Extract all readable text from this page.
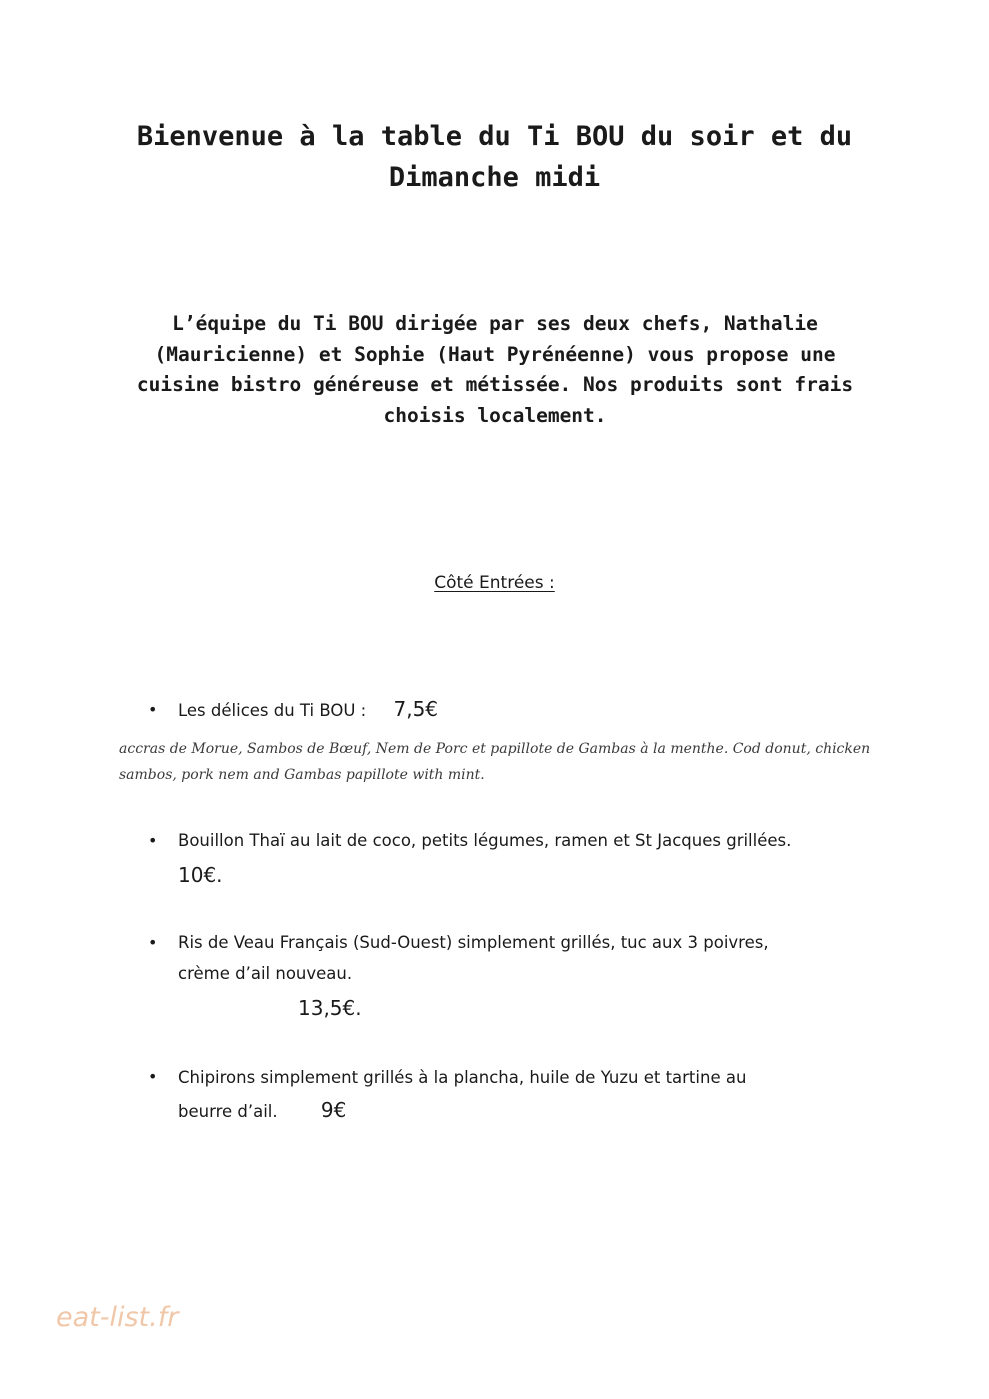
Bienvenue à la table du Ti BOU du soir et du
Dimanche midi

L’équipe du Ti BOU dirigée par ses deux chefs, Nathalie
(Mauricienne) et Sophie (Haut Pyrénéenne) vous propose une
cuisine bistro généreuse et métissée. Nos produits sont frais
choisis localement.

Côté Entrées :
• Les délices du Ti BOU : 7,5€
accras de Morue, Sambos de Bœuf, Nem de Porc et papillote de Gambas à la menthe. Cod donut, chicken
sambos, pork nem and Gambas papillote with mint.
• Bouillon Thaï au lait de coco, petits légumes, ramen et St Jacques grillées.
10€.
• Ris de Veau Français (Sud-Ouest) simplement grillés, tuc aux 3 poivres,
crème d’ail nouveau.
13,5€.
• Chipirons simplement grillés à la plancha, huile de Yuzu et tartine au
beurre d’ail. 9€
eat-list.fr
